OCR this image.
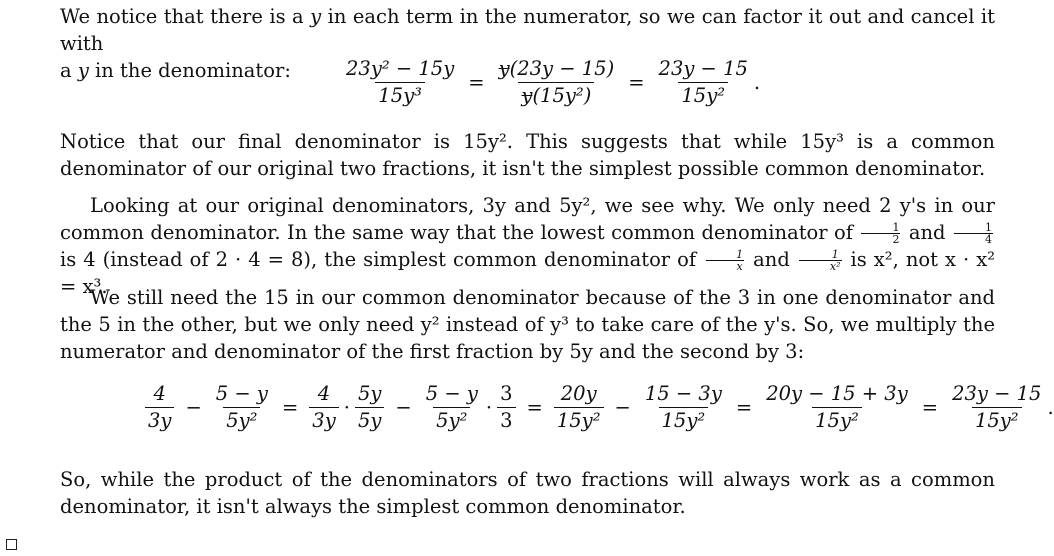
We notice that there is a y in each term in the numerator, so we can factor it out and cancel it with
a y in the denominator:	$\frac{\text{23y² − 15y}}{\text{15y³}} = \frac{y(23y - 15)}{\text{y(15y²)}} = \frac{23y - 15}{\text{15y²}}$ .

Notice that our final denominator is 15y². This suggests that while 15y³ is a common denominator of our original two fractions, it isn't the simplest possible common denominator.

Looking at our original denominators, 3y and 5y², we see why. We only need 2 y's in our common denominator. In the same way that the lowest common denominator of $\frac{1}{2}$ and $\frac{1}{4}$
is 4 (instead of 2 · 4 = 8), the simplest common denominator of $\frac{1}{x}$ and $\frac{1}{\text{x²}}$ is x², not x · x² = x³.

We still need the 15 in our common denominator because of the 3 in one denominator and the 5 in the other, but we only need y² instead of y³ to take care of the y's. So, we multiply the numerator and denominator of the first fraction by 5y and the second by 3:

$\frac{4}{3y} - \frac{5 - y}{\text{5y²}} = \frac{4}{3y} \cdot \frac{5y}{5y} - \frac{5 - y}{\text{5y²}} \cdot \frac{3}{3} = \frac{20y}{\text{15y²}} - \frac{15 - 3y}{\text{15y²}} = \frac{20y - 15 + 3y}{\text{15y²}} = \frac{23y - 15}{\text{15y²}}$ .

So, while the product of the denominators of two fractions will always work as a common denominator, it isn't always the simplest common denominator.
